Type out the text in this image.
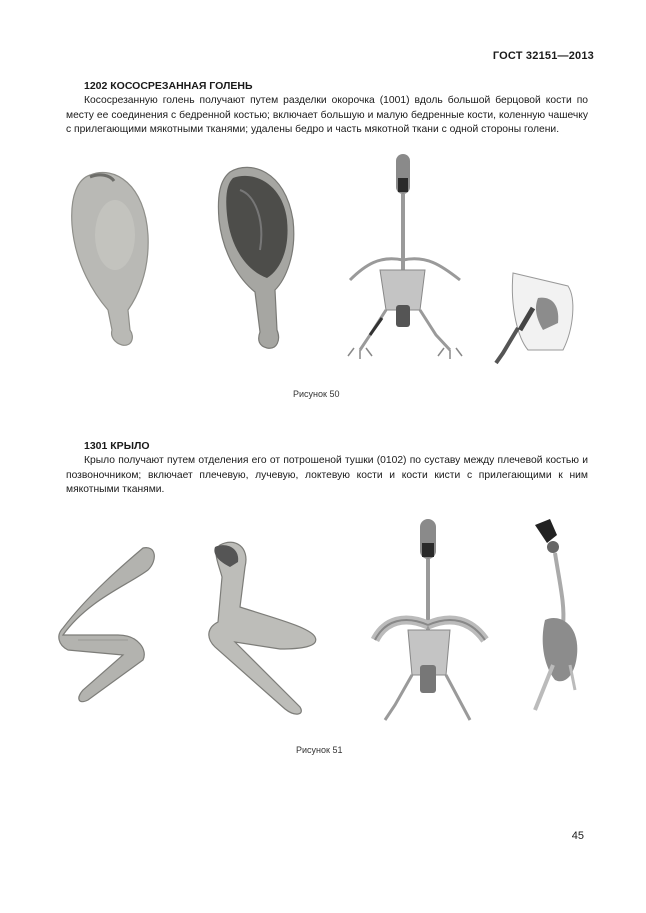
ГОСТ 32151—2013
1202 КОСОСРЕЗАННАЯ ГОЛЕНЬ
Кососрезанную голень получают путем разделки окорочка (1001) вдоль большой берцовой кости по месту ее соединения с бедренной костью; включает большую и малую бедренные кости, коленную чашечку с прилегающими мякотными тканями; удалены бедро и часть мякотной ткани с одной стороны голени.
Рисунок 50
1301 КРЫЛО
Крыло получают путем отделения его от потрошеной тушки (0102) по суставу между плечевой костью и позвоночником; включает плечевую, лучевую, локтевую кости и кости кисти с прилегающими к ним мякотными тканями.
Рисунок 51
45
